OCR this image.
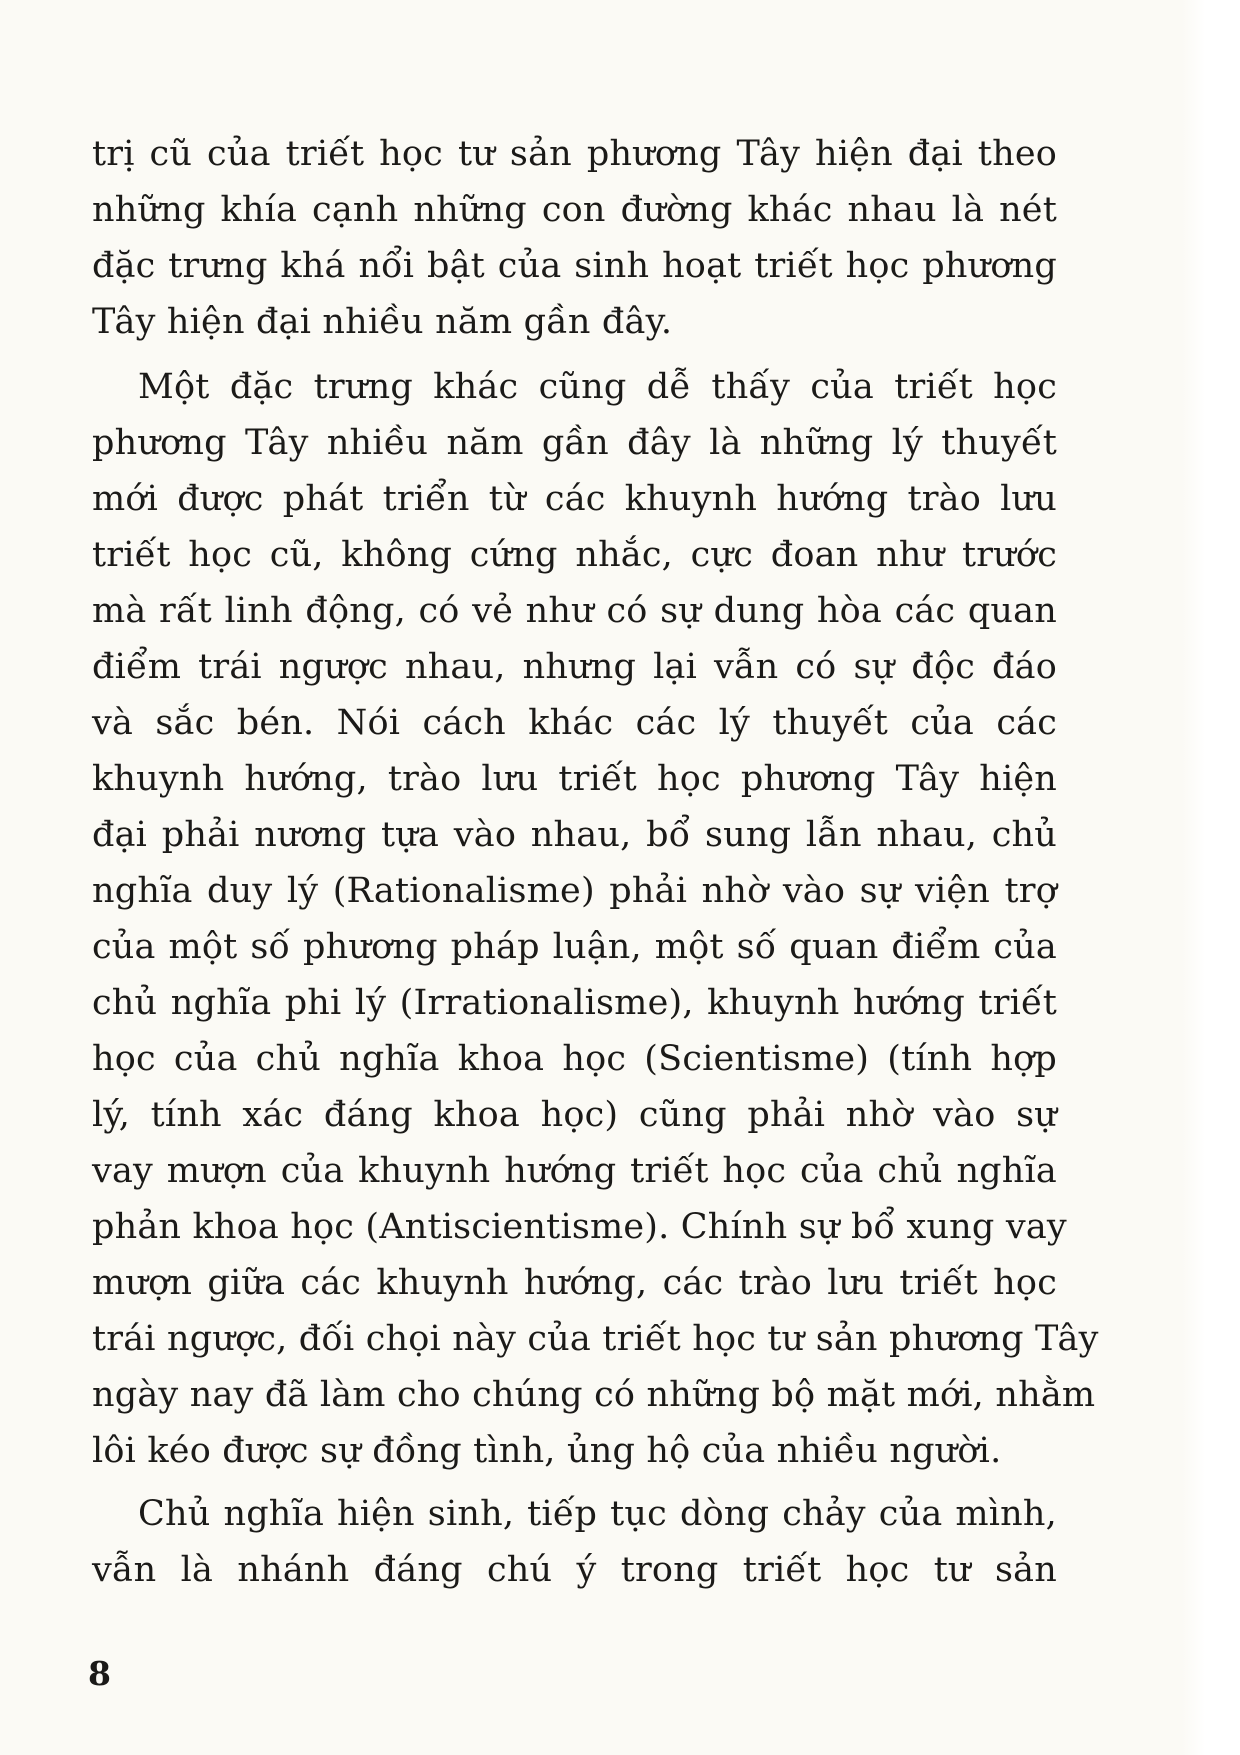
trị cũ của triết học tư sản phương Tây hiện đại theo
những khía cạnh những con đường khác nhau là nét
đặc trưng khá nổi bật của sinh hoạt triết học phương
Tây hiện đại nhiều năm gần đây.
Một đặc trưng khác cũng dễ thấy của triết học
phương Tây nhiều năm gần đây là những lý thuyết
mới được phát triển từ các khuynh hướng trào lưu
triết học cũ, không cứng nhắc, cực đoan như trước
mà rất linh động, có vẻ như có sự dung hòa các quan
điểm trái ngược nhau, nhưng lại vẫn có sự độc đáo
và sắc bén. Nói cách khác các lý thuyết của các
khuynh hướng, trào lưu triết học phương Tây hiện
đại phải nương tựa vào nhau, bổ sung lẫn nhau, chủ
nghĩa duy lý (Rationalisme) phải nhờ vào sự viện trợ
của một số phương pháp luận, một số quan điểm của
chủ nghĩa phi lý (Irrationalisme), khuynh hướng triết
học của chủ nghĩa khoa học (Scientisme) (tính hợp
lý, tính xác đáng khoa học) cũng phải nhờ vào sự
vay mượn của khuynh hướng triết học của chủ nghĩa
phản khoa học (Antiscientisme). Chính sự bổ xung vay
mượn giữa các khuynh hướng, các trào lưu triết học
trái ngược, đối chọi này của triết học tư sản phương Tây
ngày nay đã làm cho chúng có những bộ mặt mới, nhằm
lôi kéo được sự đồng tình, ủng hộ của nhiều người.
Chủ nghĩa hiện sinh, tiếp tục dòng chảy của mình,
vẫn là nhánh đáng chú ý trong triết học tư sản
8
